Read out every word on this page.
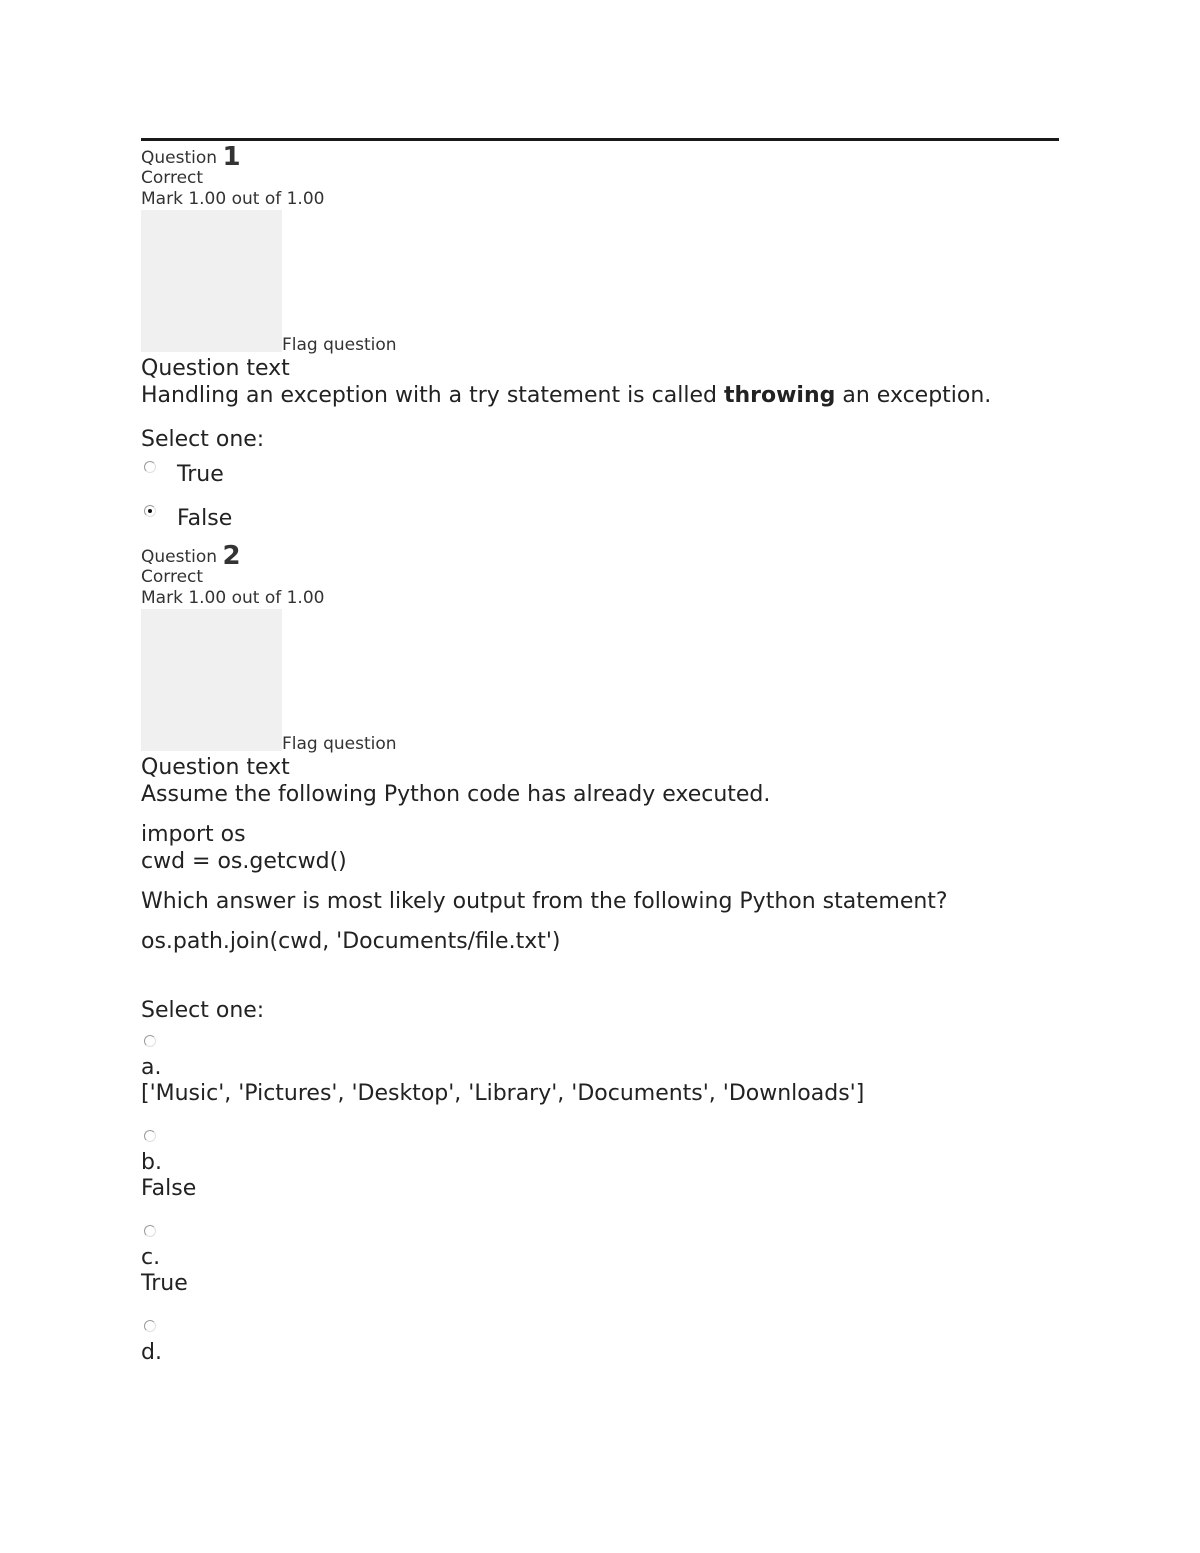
Question 1
Correct
Mark 1.00 out of 1.00
Flag question
Question text
Handling an exception with a try statement is called throwing an exception.
Select one:
True
False
Question 2
Correct
Mark 1.00 out of 1.00
Flag question
Question text
Assume the following Python code has already executed.
import os
cwd = os.getcwd()
Which answer is most likely output from the following Python statement?
os.path.join(cwd, 'Documents/file.txt')
Select one:
a.
['Music', 'Pictures', 'Desktop', 'Library', 'Documents', 'Downloads']
b.
False
c.
True
d.
